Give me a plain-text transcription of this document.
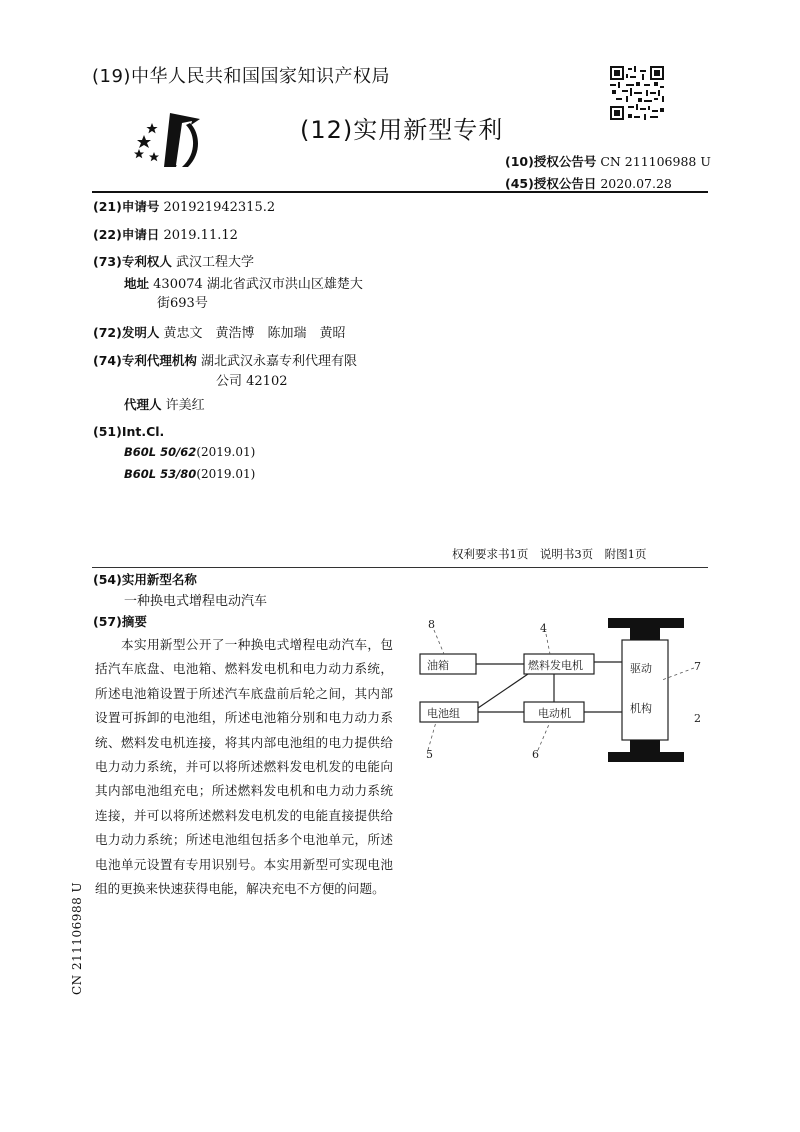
(19)中华人民共和国国家知识产权局
(12)实用新型专利
(10)授权公告号 CN 211106988 U
(45)授权公告日 2020.07.28
(21)申请号 201921942315.2
(22)申请日 2019.11.12
(73)专利权人 武汉工程大学
地址 430074 湖北省武汉市洪山区雄楚大
街693号
(72)发明人 黄忠文　黄浩博　陈加瑞　黄昭
(74)专利代理机构 湖北武汉永嘉专利代理有限
公司 42102
代理人 许美红
(51)Int.Cl.
B60L 50/62(2019.01)
B60L 53/80(2019.01)
权利要求书1页　说明书3页　附图1页
(54)实用新型名称
一种换电式增程电动汽车
(57)摘要
本实用新型公开了一种换电式增程电动汽车，包括汽车底盘、电池箱、燃料发电机和电力动力系统，所述电池箱设置于所述汽车底盘前后轮之间，其内部设置可拆卸的电池组，所述电池箱分别和电力动力系统、燃料发电机连接，将其内部电池组的电力提供给电力动力系统，并可以将所述燃料发电机发的电能向其内部电池组充电；所述燃料发电机和电力动力系统连接，并可以将所述燃料发电机发的电能直接提供给电力动力系统；所述电池组包括多个电池单元，所述电池单元设置有专用识别号。本实用新型可实现电池组的更换来快速获得电能，解决充电不方便的问题。
油箱	燃料发电机
电池组	电动机
驱动
机构
8	4
7
2
5	6
CN 211106988 U
